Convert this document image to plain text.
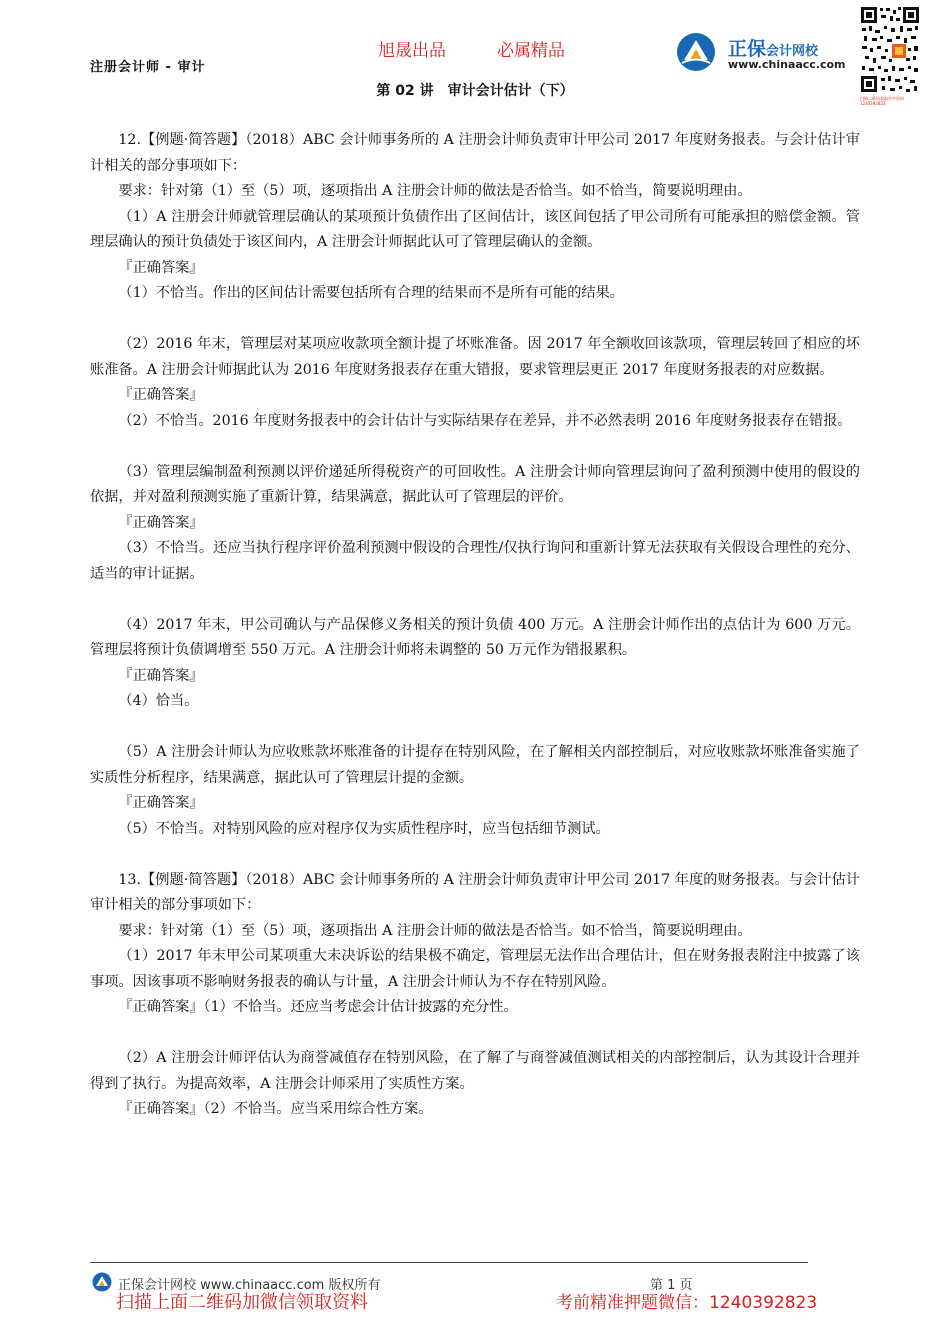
注册会计师 - 审计
旭晟出品	必属精品
第 02 讲　审计会计估计（下）
正保会计网校
www.chinaacc.com
扫描二维码获取更多资料 1240392823

12.【例题·简答题】（2018）ABC 会计师事务所的 A 注册会计师负责审计甲公司 2017 年度财务报表。与会计估计审计相关的部分事项如下：

要求：针对第（1）至（5）项，逐项指出 A 注册会计师的做法是否恰当。如不恰当，简要说明理由。

（1）A 注册会计师就管理层确认的某项预计负债作出了区间估计，该区间包括了甲公司所有可能承担的赔偿金额。管理层确认的预计负债处于该区间内，A 注册会计师据此认可了管理层确认的金额。

『正确答案』

（1）不恰当。作出的区间估计需要包括所有合理的结果而不是所有可能的结果。

（2）2016 年末，管理层对某项应收款项全额计提了坏账准备。因 2017 年全额收回该款项，管理层转回了相应的坏账准备。A 注册会计师据此认为 2016 年度财务报表存在重大错报，要求管理层更正 2017 年度财务报表的对应数据。

『正确答案』

（2）不恰当。2016 年度财务报表中的会计估计与实际结果存在差异，并不必然表明 2016 年度财务报表存在错报。

（3）管理层编制盈利预测以评价递延所得税资产的可回收性。A 注册会计师向管理层询问了盈利预测中使用的假设的依据，并对盈利预测实施了重新计算，结果满意，据此认可了管理层的评价。

『正确答案』

（3）不恰当。还应当执行程序评价盈利预测中假设的合理性/仅执行询问和重新计算无法获取有关假设合理性的充分、适当的审计证据。

（4）2017 年末，甲公司确认与产品保修义务相关的预计负债 400 万元。A 注册会计师作出的点估计为 600 万元。管理层将预计负债调增至 550 万元。A 注册会计师将未调整的 50 万元作为错报累积。

『正确答案』

（4）恰当。

（5）A 注册会计师认为应收账款坏账准备的计提存在特别风险，在了解相关内部控制后，对应收账款坏账准备实施了实质性分析程序，结果满意，据此认可了管理层计提的金额。

『正确答案』

（5）不恰当。对特别风险的应对程序仅为实质性程序时，应当包括细节测试。

13.【例题·简答题】（2018）ABC 会计师事务所的 A 注册会计师负责审计甲公司 2017 年度的财务报表。与会计估计审计相关的部分事项如下：

要求：针对第（1）至（5）项，逐项指出 A 注册会计师的做法是否恰当。如不恰当，简要说明理由。

（1）2017 年末甲公司某项重大未决诉讼的结果极不确定，管理层无法作出合理估计，但在财务报表附注中披露了该事项。因该事项不影响财务报表的确认与计量，A 注册会计师认为不存在特别风险。

『正确答案』（1）不恰当。还应当考虑会计估计披露的充分性。

（2）A 注册会计师评估认为商誉减值存在特别风险，在了解了与商誉减值测试相关的内部控制后，认为其设计合理并得到了执行。为提高效率，A 注册会计师采用了实质性方案。

『正确答案』（2）不恰当。应当采用综合性方案。

正保会计网校 www.chinaacc.com 版权所有	第 1 页
扫描上面二维码加微信领取资料	考前精准押题微信：1240392823
